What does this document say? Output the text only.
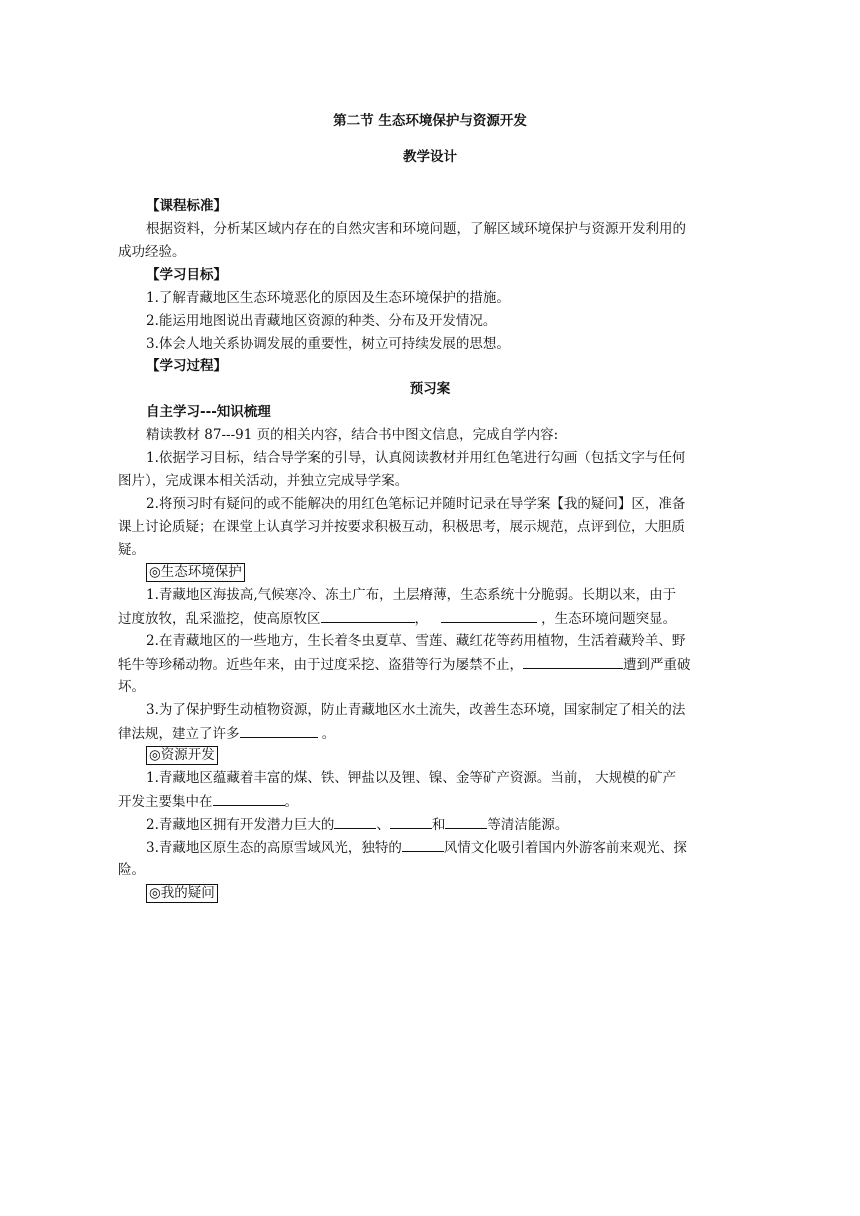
第二节 生态环境保护与资源开发
教学设计
【课程标准】
根据资料，分析某区域内存在的自然灾害和环境问题，了解区域环境保护与资源开发利用的
成功经验。
【学习目标】
1.了解青藏地区生态环境恶化的原因及生态环境保护的措施。
2.能运用地图说出青藏地区资源的种类、分布及开发情况。
3.体会人地关系协调发展的重要性，树立可持续发展的思想。
【学习过程】
预习案
自主学习---知识梳理
精读教材 87---91 页的相关内容，结合书中图文信息，完成自学内容:
1.依据学习目标，结合导学案的引导，认真阅读教材并用红色笔进行勾画（包括文字与任何
图片），完成课本相关活动，并独立完成导学案。
2.将预习时有疑问的或不能解决的用红色笔标记并随时记录在导学案【我的疑问】区，准备
课上讨论质疑；在课堂上认真学习并按要求积极互动，积极思考，展示规范，点评到位，大胆质
疑。
◎生态环境保护
1.青藏地区海拔高,气候寒冷、冻土广布，土层瘠薄，生态系统十分脆弱。长期以来，由于
过度放牧，乱采滥挖，使高原牧区	，	，生态环境问题突显。
2.在青藏地区的一些地方，生长着冬虫夏草、雪莲、藏红花等药用植物，生活着藏羚羊、野
牦牛等珍稀动物。近些年来，由于过度采挖、盗猎等行为屡禁不止，	遭到严重破
坏。
3.为了保护野生动植物资源，防止青藏地区水土流失，改善生态环境，国家制定了相关的法
律法规，建立了许多	。
◎资源开发
1.青藏地区蕴藏着丰富的煤、铁、钾盐以及锂、镍、金等矿产资源。当前， 大规模的矿产
开发主要集中在	。
2.青藏地区拥有开发潜力巨大的	、	和	等清洁能源。
3.青藏地区原生态的高原雪域风光，独特的	风情文化吸引着国内外游客前来观光、探
险。
◎我的疑问
